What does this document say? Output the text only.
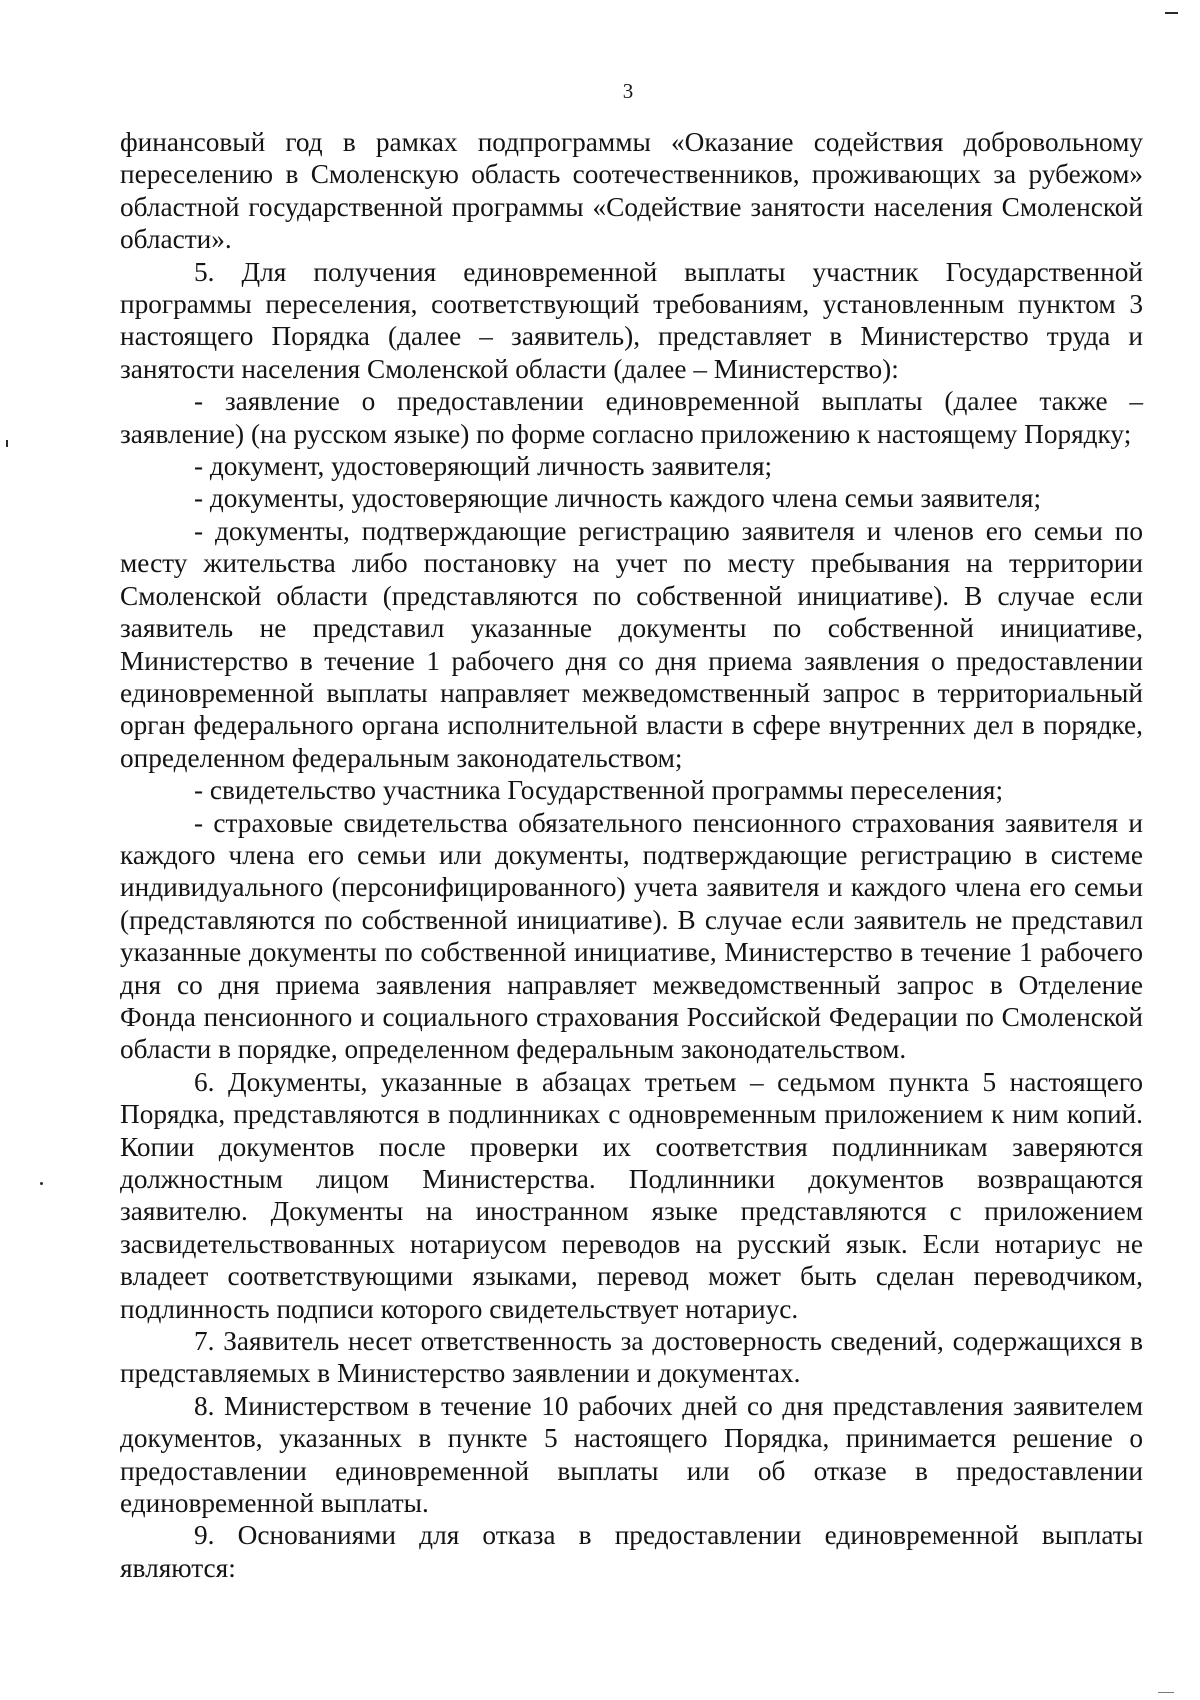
3

финансовый год в рамках подпрограммы «Оказание содействия добровольному переселению в Смоленскую область соотечественников, проживающих за рубежом» областной государственной программы «Содействие занятости населения Смоленской области».

5. Для получения единовременной выплаты участник Государственной программы переселения, соответствующий требованиям, установленным пунктом 3 настоящего Порядка (далее – заявитель), представляет в Министерство труда и занятости населения Смоленской области (далее – Министерство):

- заявление о предоставлении единовременной выплаты (далее также – заявление) (на русском языке) по форме согласно приложению к настоящему Порядку;

- документ, удостоверяющий личность заявителя;

- документы, удостоверяющие личность каждого члена семьи заявителя;

- документы, подтверждающие регистрацию заявителя и членов его семьи по месту жительства либо постановку на учет по месту пребывания на территории Смоленской области (представляются по собственной инициативе). В случае если заявитель не представил указанные документы по собственной инициативе, Министерство в течение 1 рабочего дня со дня приема заявления о предоставлении единовременной выплаты направляет межведомственный запрос в территориальный орган федерального органа исполнительной власти в сфере внутренних дел в порядке, определенном федеральным законодательством;

- свидетельство участника Государственной программы переселения;

- страховые свидетельства обязательного пенсионного страхования заявителя и каждого члена его семьи или документы, подтверждающие регистрацию в системе индивидуального (персонифицированного) учета заявителя и каждого члена его семьи (представляются по собственной инициативе). В случае если заявитель не представил указанные документы по собственной инициативе, Министерство в течение 1 рабочего дня со дня приема заявления направляет межведомственный запрос в Отделение Фонда пенсионного и социального страхования Российской Федерации по Смоленской области в порядке, определенном федеральным законодательством.

6. Документы, указанные в абзацах третьем – седьмом пункта 5 настоящего Порядка, представляются в подлинниках с одновременным приложением к ним копий. Копии документов после проверки их соответствия подлинникам заверяются должностным лицом Министерства. Подлинники документов возвращаются заявителю. Документы на иностранном языке представляются с приложением засвидетельствованных нотариусом переводов на русский язык. Если нотариус не владеет соответствующими языками, перевод может быть сделан переводчиком, подлинность подписи которого свидетельствует нотариус.

7. Заявитель несет ответственность за достоверность сведений, содержащихся в представляемых в Министерство заявлении и документах.

8. Министерством в течение 10 рабочих дней со дня представления заявителем документов, указанных в пункте 5 настоящего Порядка, принимается решение о предоставлении единовременной выплаты или об отказе в предоставлении единовременной выплаты.

9. Основаниями для отказа в предоставлении единовременной выплаты являются:
